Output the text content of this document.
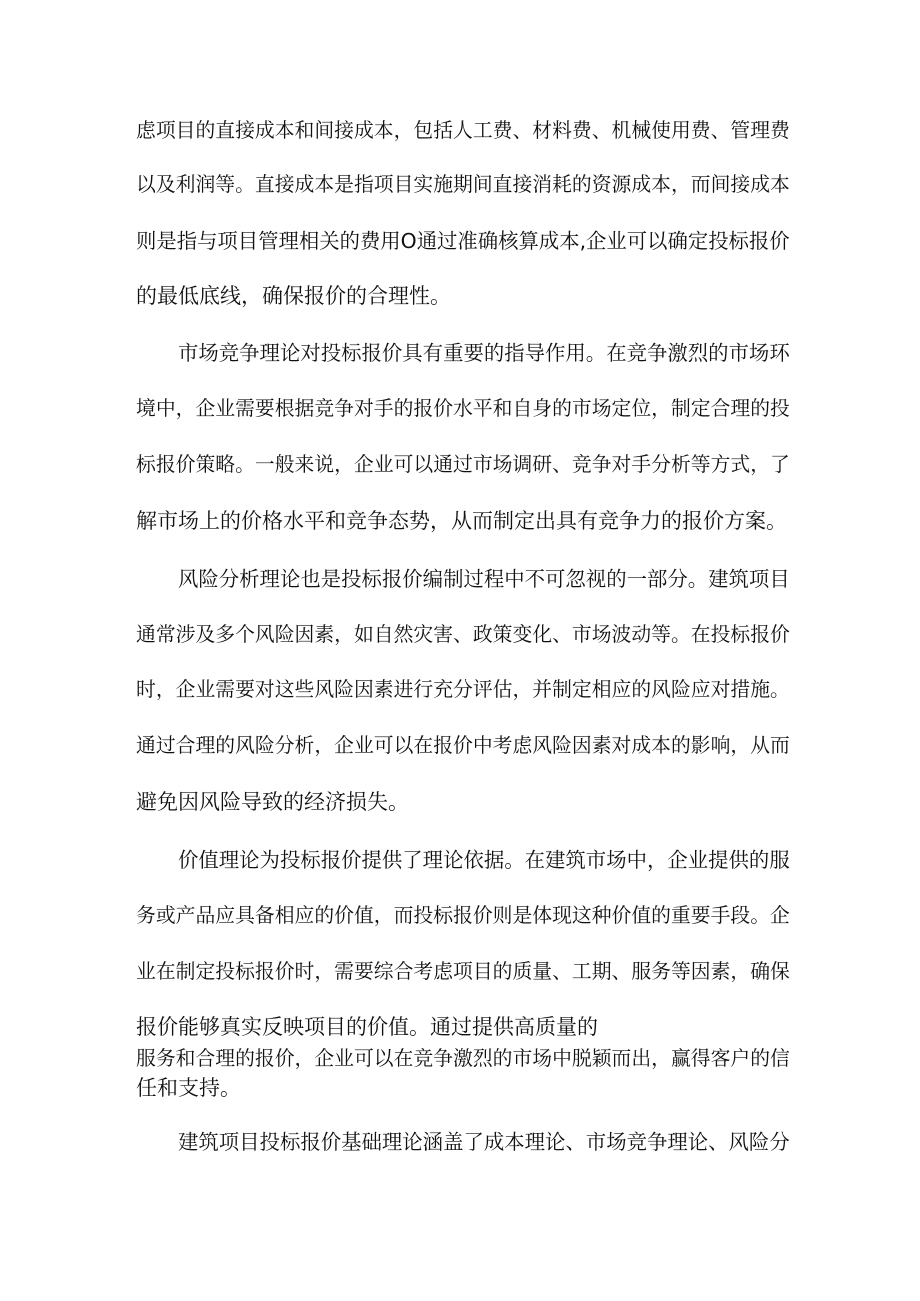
虑项目的直接成本和间接成本，包括人工费、材料费、机械使用费、管理费
以及利润等。直接成本是指项目实施期间直接消耗的资源成本，而间接成本
则是指与项目管理相关的费用O通过准确核算成本,企业可以确定投标报价
的最低底线，确保报价的合理性。
市场竞争理论对投标报价具有重要的指导作用。在竞争激烈的市场环
境中，企业需要根据竞争对手的报价水平和自身的市场定位，制定合理的投
标报价策略。一般来说，企业可以通过市场调研、竞争对手分析等方式，了
解市场上的价格水平和竞争态势，从而制定出具有竞争力的报价方案。
风险分析理论也是投标报价编制过程中不可忽视的一部分。建筑项目
通常涉及多个风险因素，如自然灾害、政策变化、市场波动等。在投标报价
时，企业需要对这些风险因素进行充分评估，并制定相应的风险应对措施。
通过合理的风险分析，企业可以在报价中考虑风险因素对成本的影响，从而
避免因风险导致的经济损失。
价值理论为投标报价提供了理论依据。在建筑市场中，企业提供的服
务或产品应具备相应的价值，而投标报价则是体现这种价值的重要手段。企
业在制定投标报价时，需要综合考虑项目的质量、工期、服务等因素，确保
报价能够真实反映项目的价值。通过提供高质量的
服务和合理的报价，企业可以在竞争激烈的市场中脱颖而出，赢得客户的信
任和支持。
建筑项目投标报价基础理论涵盖了成本理论、市场竞争理论、风险分
